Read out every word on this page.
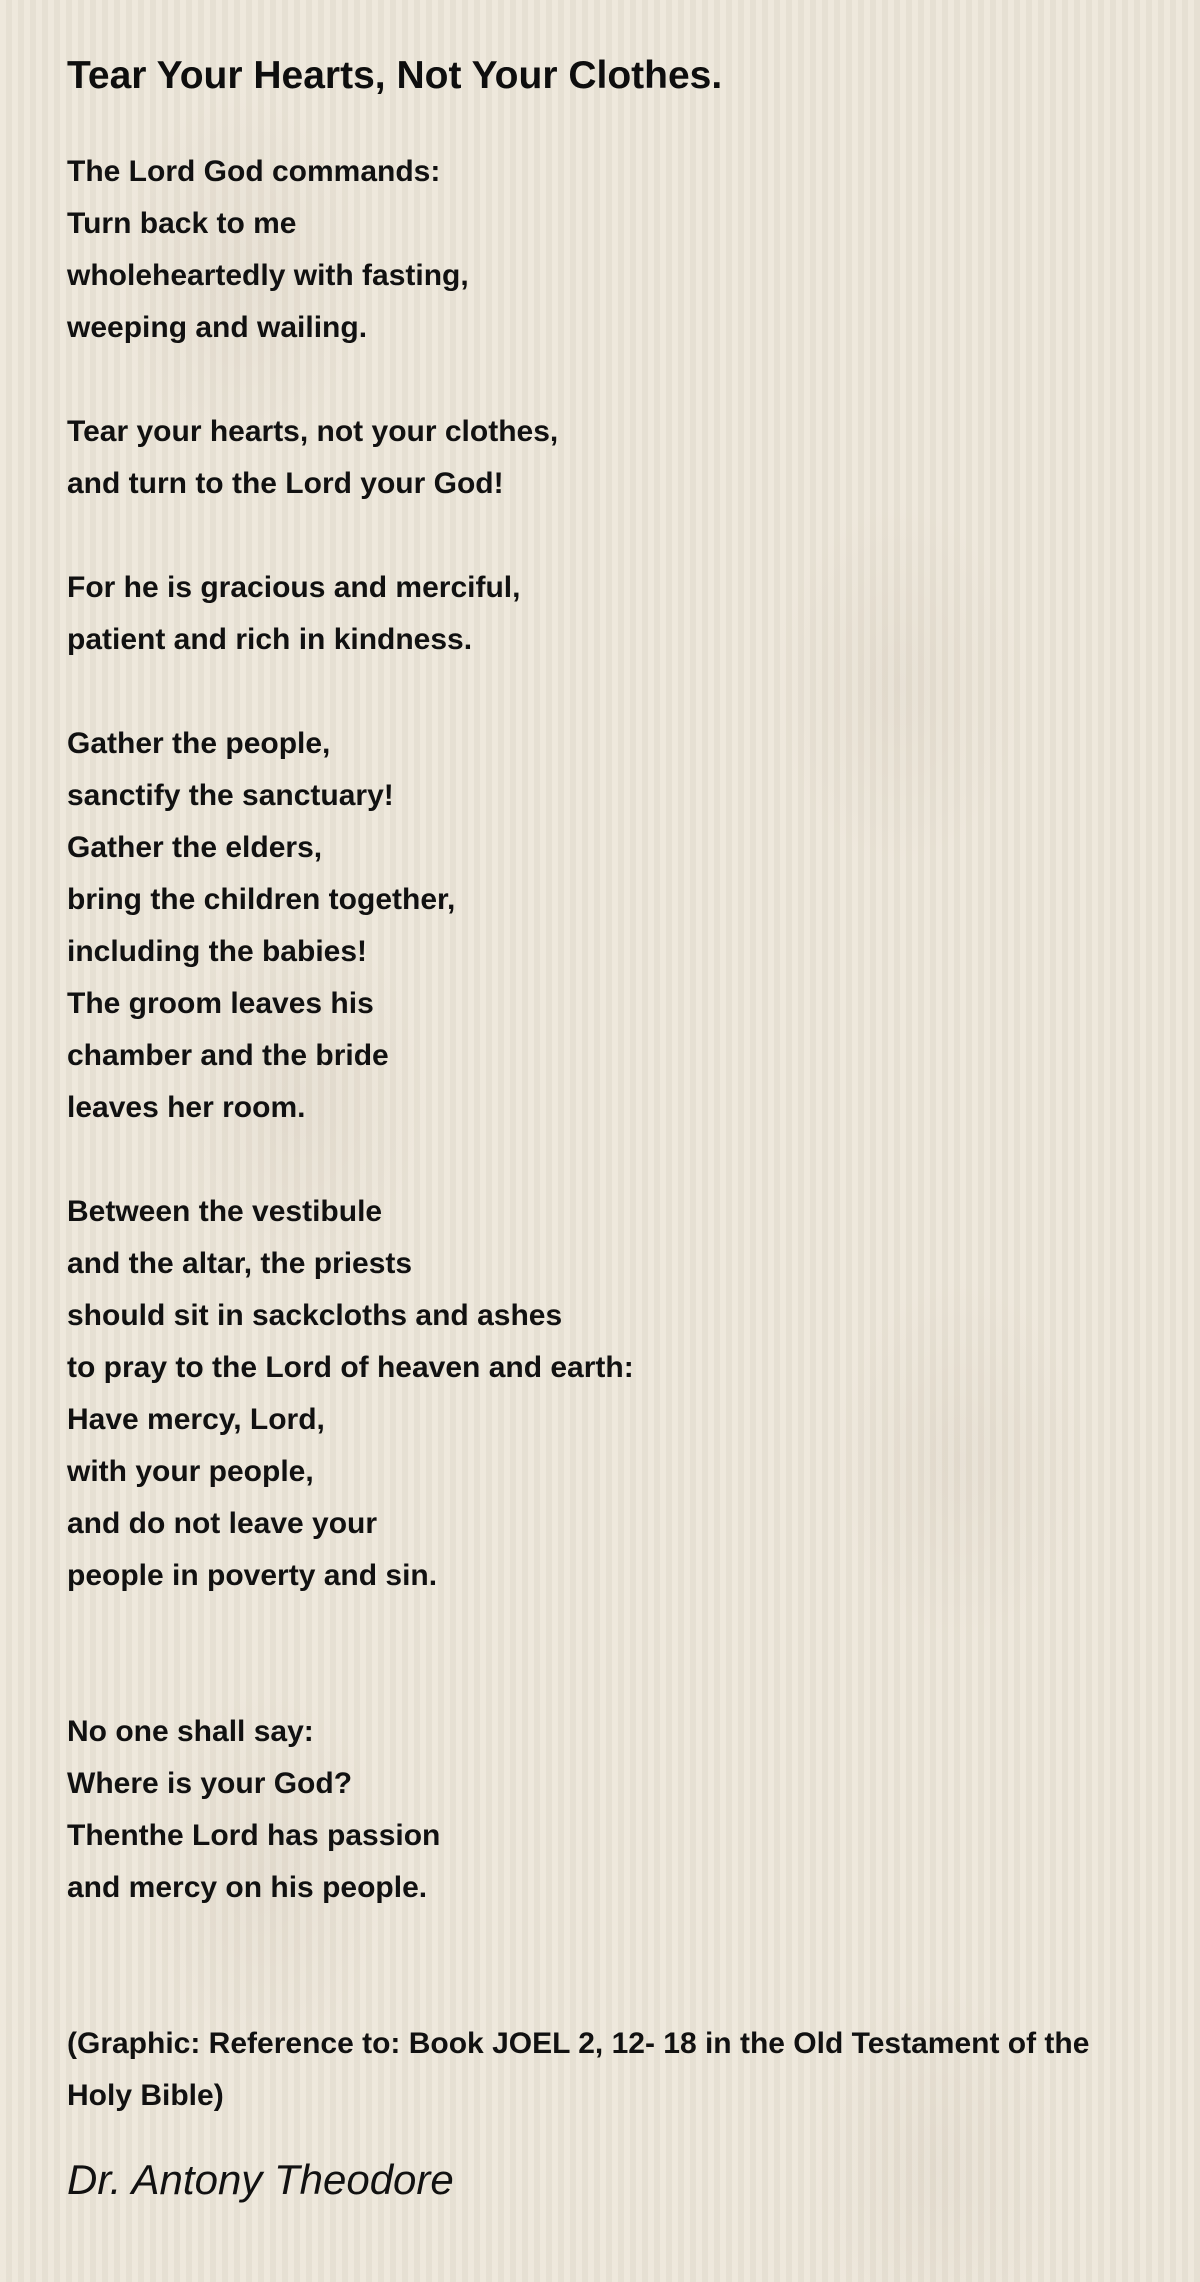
Tear Your Hearts, Not Your Clothes.
The Lord God commands:
Turn back to me
wholeheartedly with fasting,
weeping and wailing.
Tear your hearts, not your clothes,
and turn to the Lord your God!
For he is gracious and merciful,
patient and rich in kindness.
Gather the people,
sanctify the sanctuary!
Gather the elders,
bring the children together,
including the babies!
The groom leaves his
chamber and the bride
leaves her room.
Between the vestibule
and the altar, the priests
should sit in sackcloths and ashes
to pray to the Lord of heaven and earth:
Have mercy, Lord,
with your people,
and do not leave your
people in poverty and sin.
No one shall say:
Where is your God?
Thenthe Lord has passion
and mercy on his people.
(Graphic: Reference to: Book JOEL 2, 12- 18 in the Old Testament of the Holy Bible)
Dr. Antony Theodore
